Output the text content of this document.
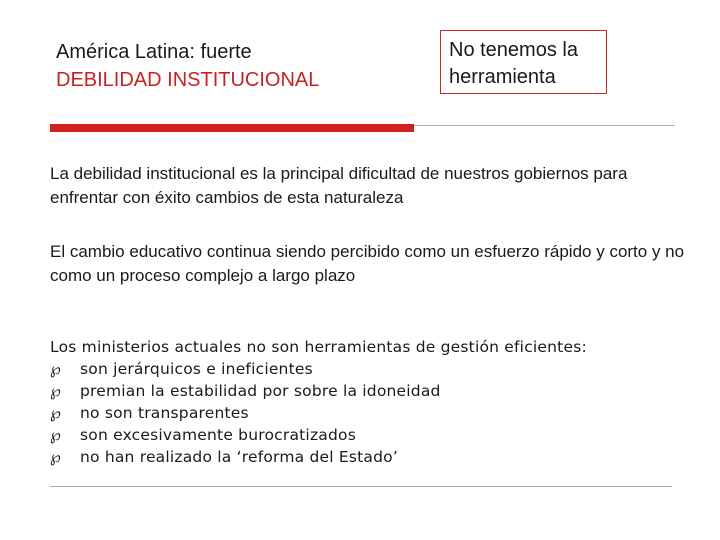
América Latina: fuerte
DEBILIDAD INSTITUCIONAL
No tenemos la
herramienta
La debilidad institucional es la principal dificultad de nuestros gobiernos para enfrentar con éxito cambios de esta naturaleza
El cambio educativo continua siendo percibido como un esfuerzo rápido y corto y no como un proceso complejo a largo plazo
Los ministerios actuales no son herramientas de gestión eficientes:
℘	son jerárquicos e ineficientes
℘	premian la estabilidad por sobre la idoneidad
℘	no son transparentes
℘	son excesivamente burocratizados
℘	no han realizado la ‘reforma del Estado’
